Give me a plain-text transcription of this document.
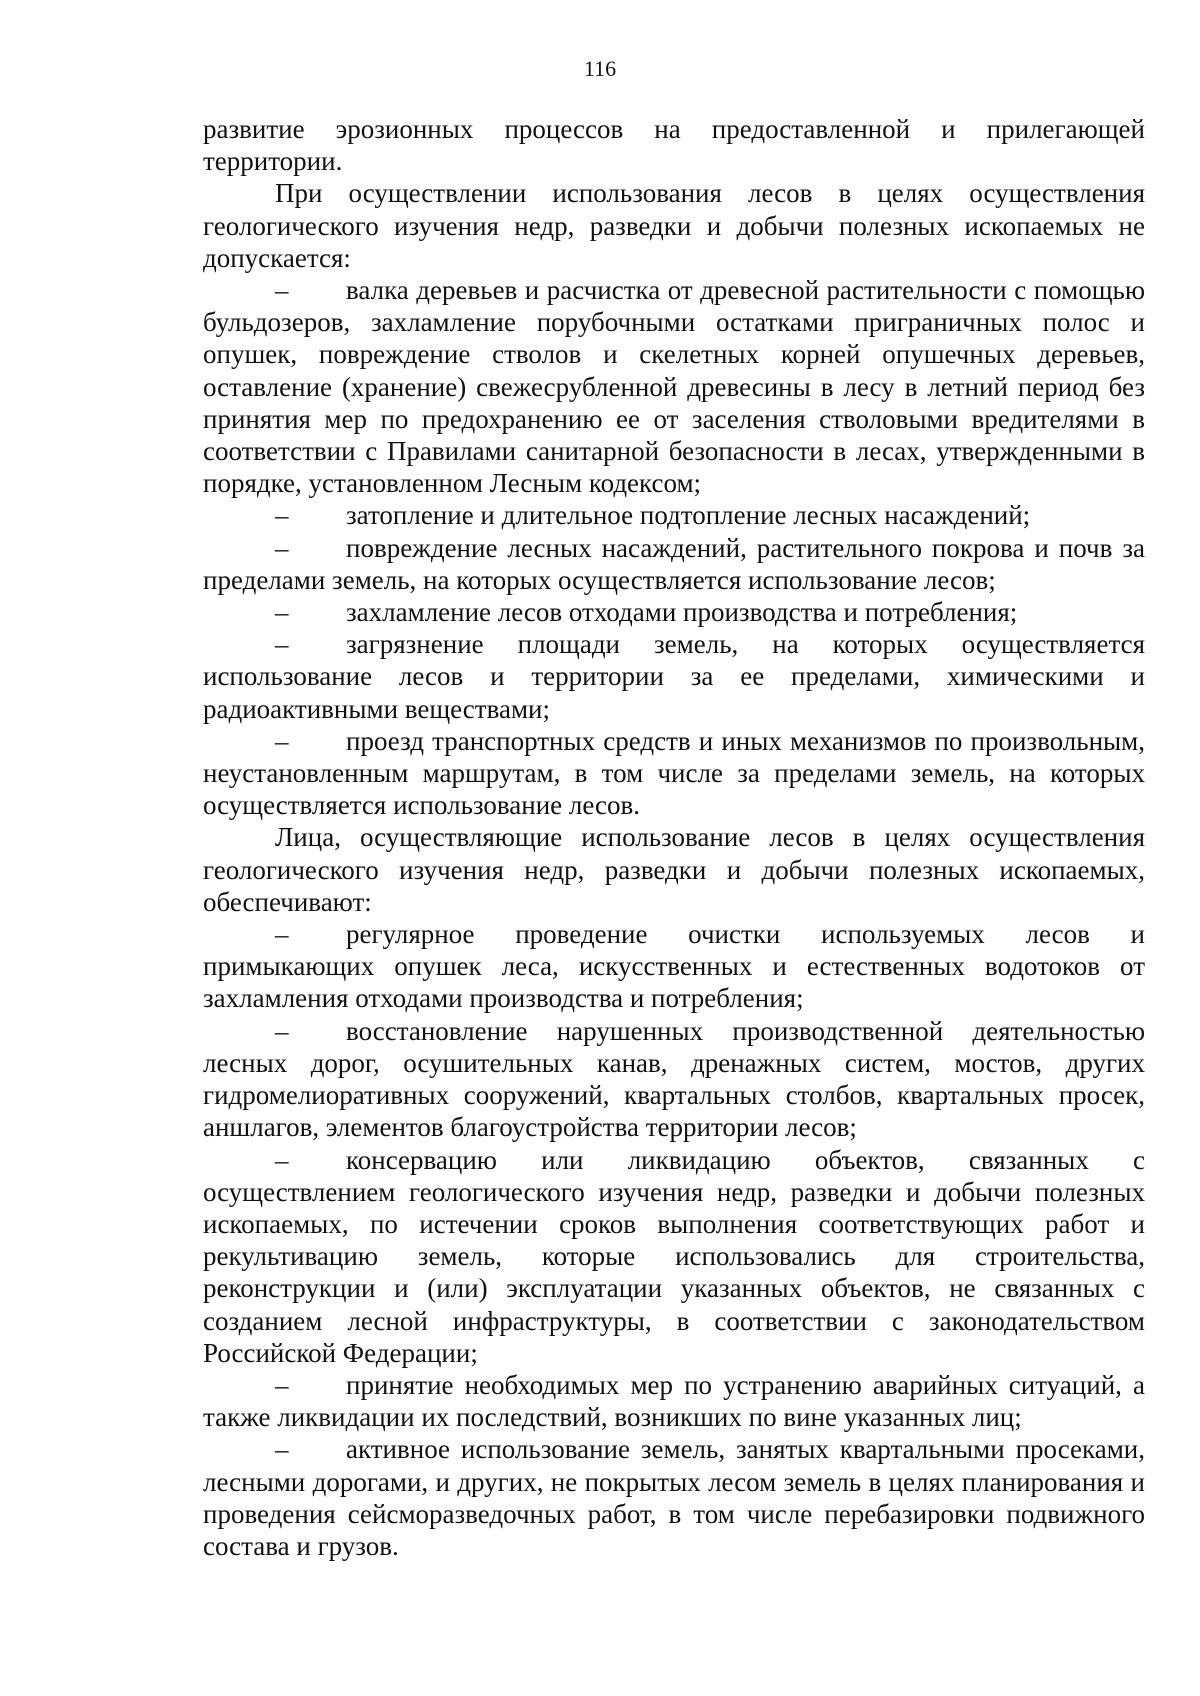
116

развитие эрозионных процессов на предоставленной и прилегающей территории.

При осуществлении использования лесов в целях осуществления геологического изучения недр, разведки и добычи полезных ископаемых не допускается:

–	валка деревьев и расчистка от древесной растительности с помощью бульдозеров, захламление порубочными остатками приграничных полос и опушек, повреждение стволов и скелетных корней опушечных деревьев, оставление (хранение) свежесрубленной древесины в лесу в летний период без принятия мер по предохранению ее от заселения стволовыми вредителями в соответствии с Правилами санитарной безопасности в лесах, утвержденными в порядке, установленном Лесным кодексом;

–	затопление и длительное подтопление лесных насаждений;

–	повреждение лесных насаждений, растительного покрова и почв за пределами земель, на которых осуществляется использование лесов;

–	захламление лесов отходами производства и потребления;

–	загрязнение площади земель, на которых осуществляется использование лесов и территории за ее пределами, химическими и радиоактивными веществами;

–	проезд транспортных средств и иных механизмов по произвольным, неустановленным маршрутам, в том числе за пределами земель, на которых осуществляется использование лесов.

Лица, осуществляющие использование лесов в целях осуществления геологического изучения недр, разведки и добычи полезных ископаемых, обеспечивают:

–	регулярное проведение очистки используемых лесов и примыкающих опушек леса, искусственных и естественных водотоков от захламления отходами производства и потребления;

–	восстановление нарушенных производственной деятельностью лесных дорог, осушительных канав, дренажных систем, мостов, других гидромелиоративных сооружений, квартальных столбов, квартальных просек, аншлагов, элементов благоустройства территории лесов;

–	консервацию или ликвидацию объектов, связанных с осуществлением геологического изучения недр, разведки и добычи полезных ископаемых, по истечении сроков выполнения соответствующих работ и рекультивацию земель, которые использовались для строительства, реконструкции и (или) эксплуатации указанных объектов, не связанных с созданием лесной инфраструктуры, в соответствии с законодательством Российской Федерации;

–	принятие необходимых мер по устранению аварийных ситуаций, а также ликвидации их последствий, возникших по вине указанных лиц;

–	активное использование земель, занятых квартальными просеками, лесными дорогами, и других, не покрытых лесом земель в целях планирования и проведения сейсморазведочных работ, в том числе перебазировки подвижного состава и грузов.
